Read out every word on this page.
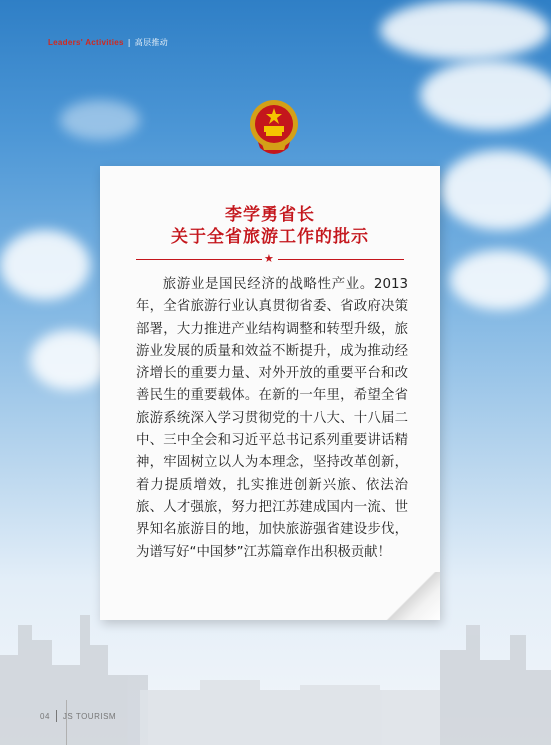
Leaders' Activities | 高层推动
李学勇省长
关于全省旅游工作的批示
★
旅游业是国民经济的战略性产业。2013年，全省旅游行业认真贯彻省委、省政府决策部署，大力推进产业结构调整和转型升级，旅游业发展的质量和效益不断提升，成为推动经济增长的重要力量、对外开放的重要平台和改善民生的重要载体。在新的一年里，希望全省旅游系统深入学习贯彻党的十八大、十八届二中、三中全会和习近平总书记系列重要讲话精神，牢固树立以人为本理念，坚持改革创新，着力提质增效，扎实推进创新兴旅、依法治旅、人才强旅，努力把江苏建成国内一流、世界知名旅游目的地，加快旅游强省建设步伐，为谱写好“中国梦”江苏篇章作出积极贡献！
04 JS TOURISM
